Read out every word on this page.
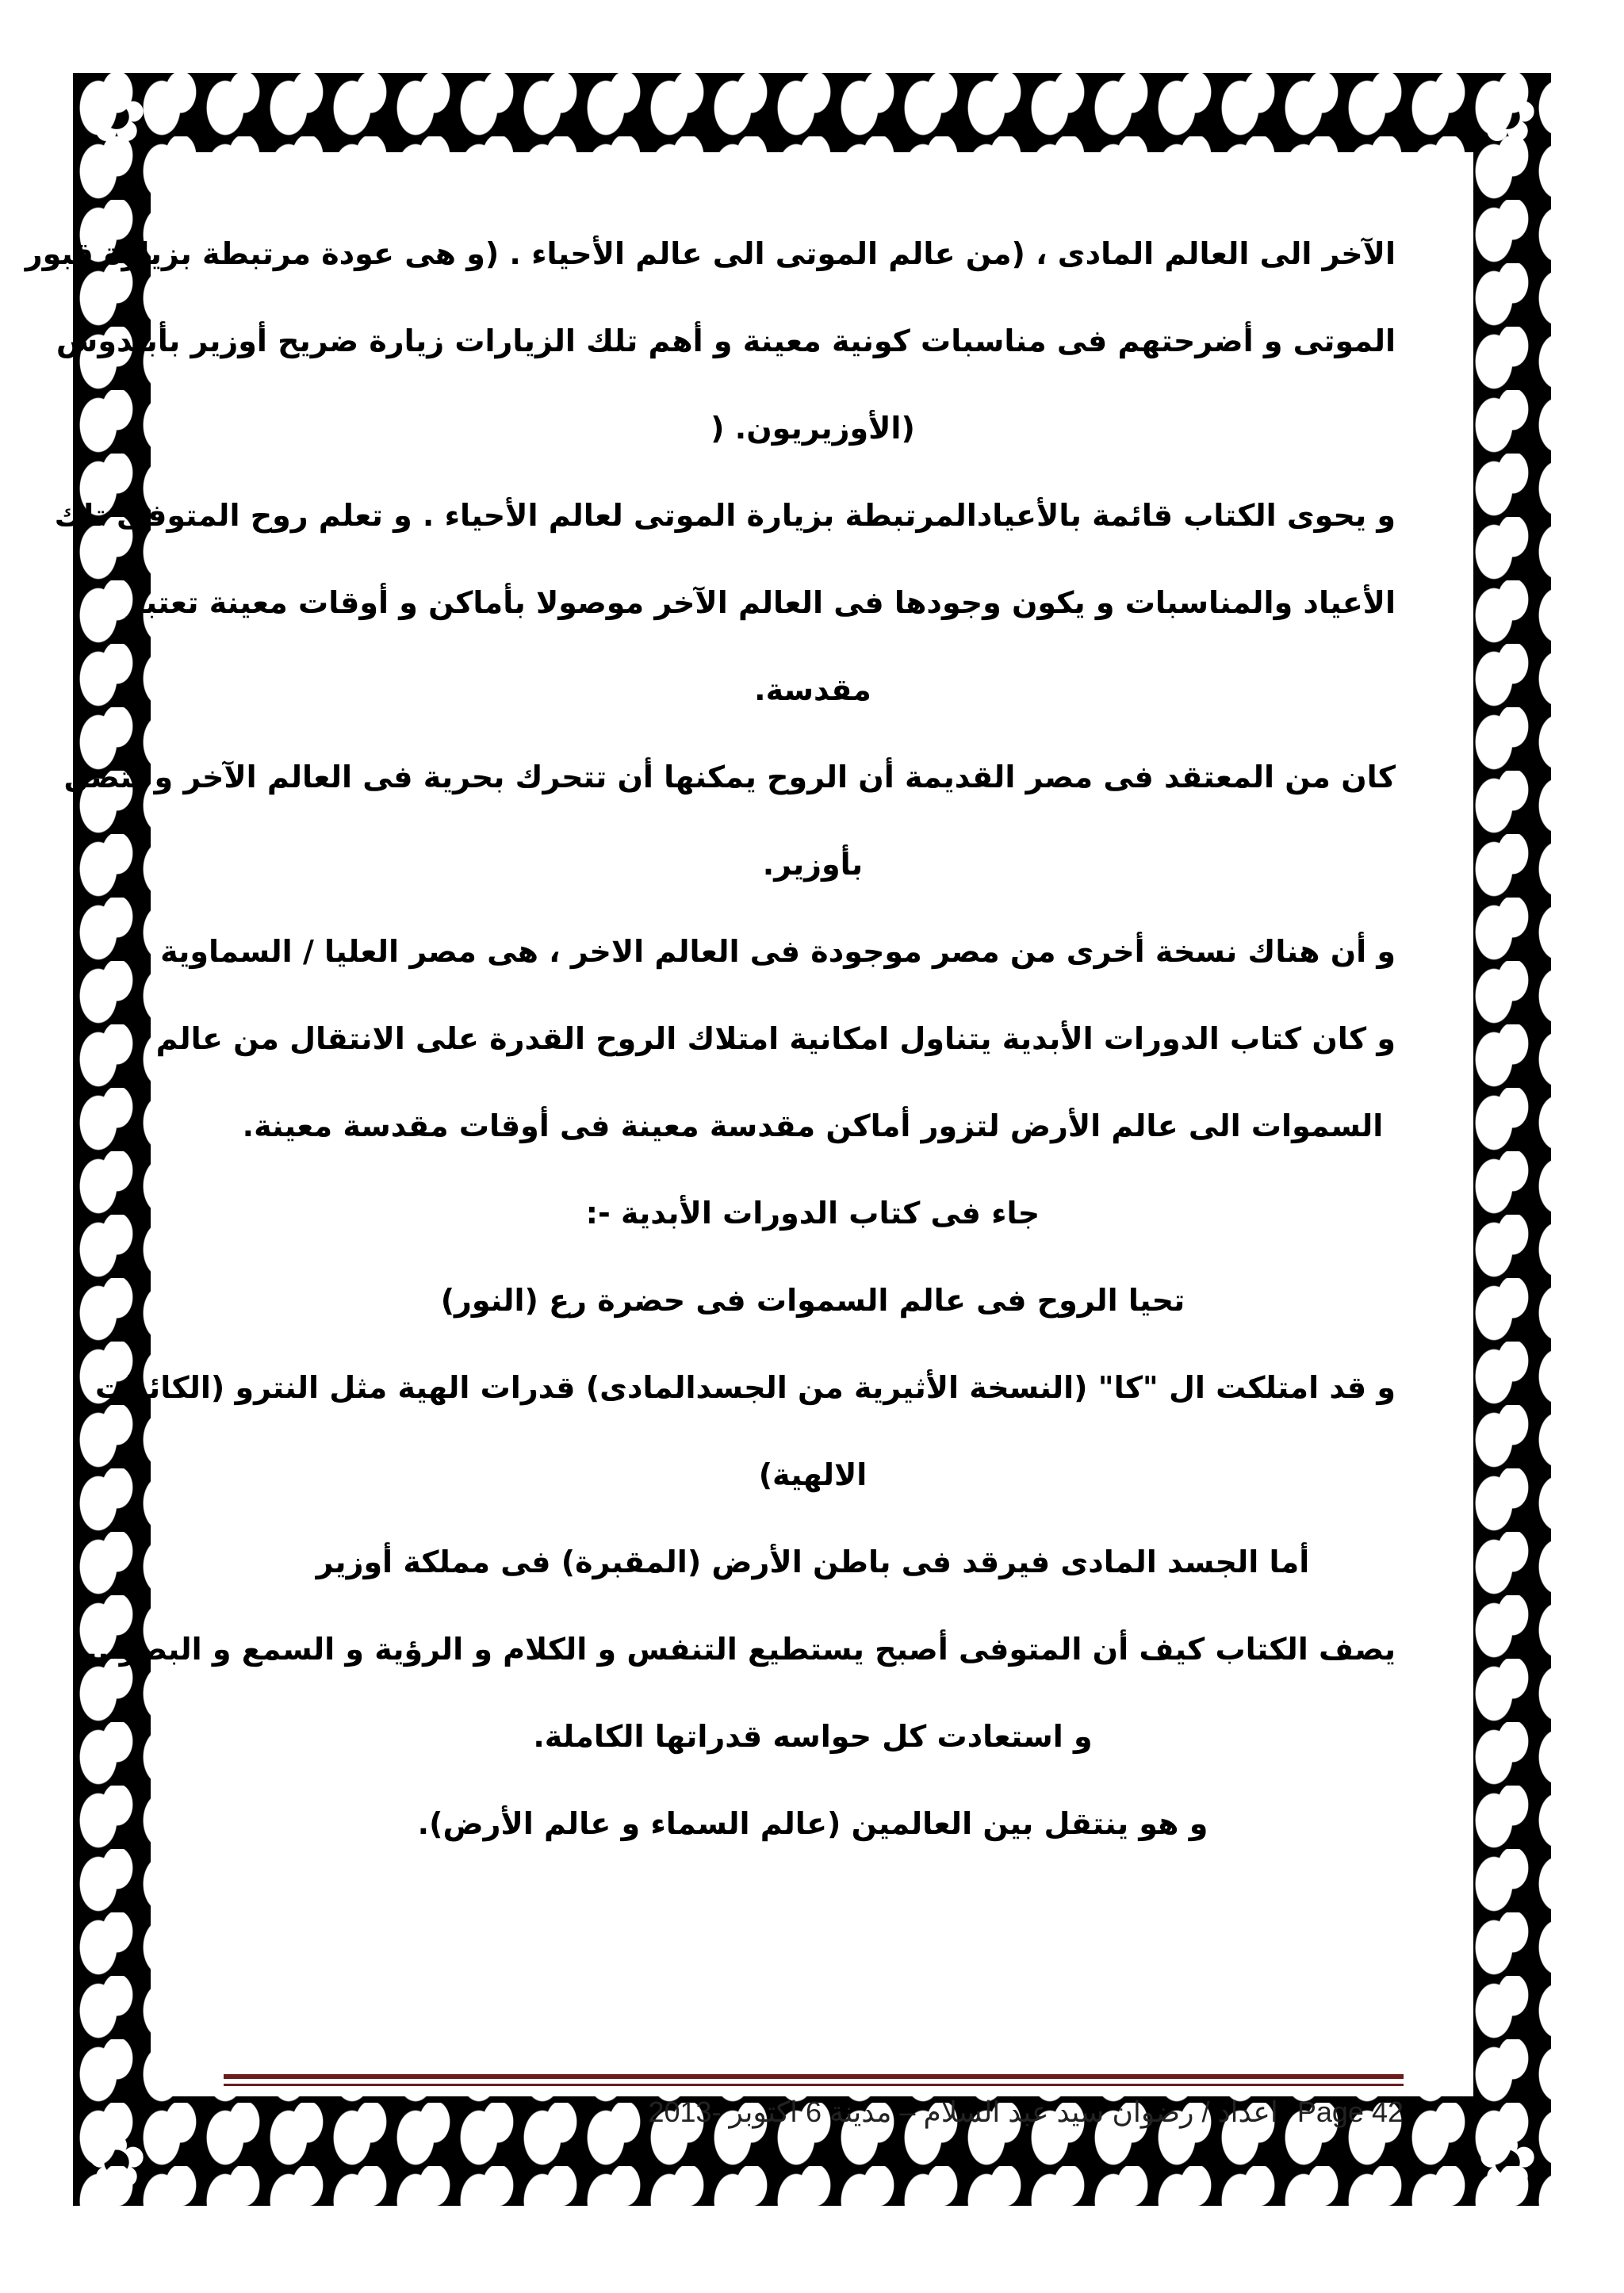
✿	✿
✿	✿
الآخر الى العالم المادى ، (من عالم الموتى الى عالم الأحياء . (و هى عودة مرتبطة بزيارة قبور
الموتى و أضرحتهم فى مناسبات كونية معينة و أهم تلك الزيارات زيارة ضريح أوزير بأبيدوس
(الأوزيريون. (
و يحوى الكتاب قائمة بالأعيادالمرتبطة بزيارة الموتى لعالم الأحياء . و تعلم روح المتوفى تلك
الأعياد والمناسبات و يكون وجودها فى العالم الآخر موصولا بأماكن و أوقات معينة تعتبر
مقدسة.
كان من المعتقد فى مصر القديمة أن الروح يمكنها أن تتحرك بحرية فى العالم الآخر و تتصل
بأوزير.
و أن هناك نسخة أخرى من مصر موجودة فى العالم الاخر ، هى مصر العليا / السماوية .
و كان كتاب الدورات الأبدية يتناول امكانية امتلاك الروح القدرة على الانتقال من عالم
السموات الى عالم الأرض لتزور أماكن مقدسة معينة فى أوقات مقدسة معينة.
جاء فى كتاب الدورات الأبدية -:
تحيا الروح فى عالم السموات فى حضرة رع (النور)
و قد امتلكت ال "كا" (النسخة الأثيرية من الجسدالمادى) قدرات الهية مثل النترو (الكائنات
الالهية)
أما الجسد المادى فيرقد فى باطن الأرض (المقبرة) فى مملكة أوزير
يصف الكتاب كيف أن المتوفى أصبح يستطيع التنفس و الكلام و الرؤية و السمع و البصر ..
و استعادت كل حواسه قدراتها الكاملة.
و هو ينتقل بين العالمين (عالم السماء و عالم الأرض).
اعداد / رضوان سيد عبد السلام – مدينة 6 اكتوبر -2013 Page 42
